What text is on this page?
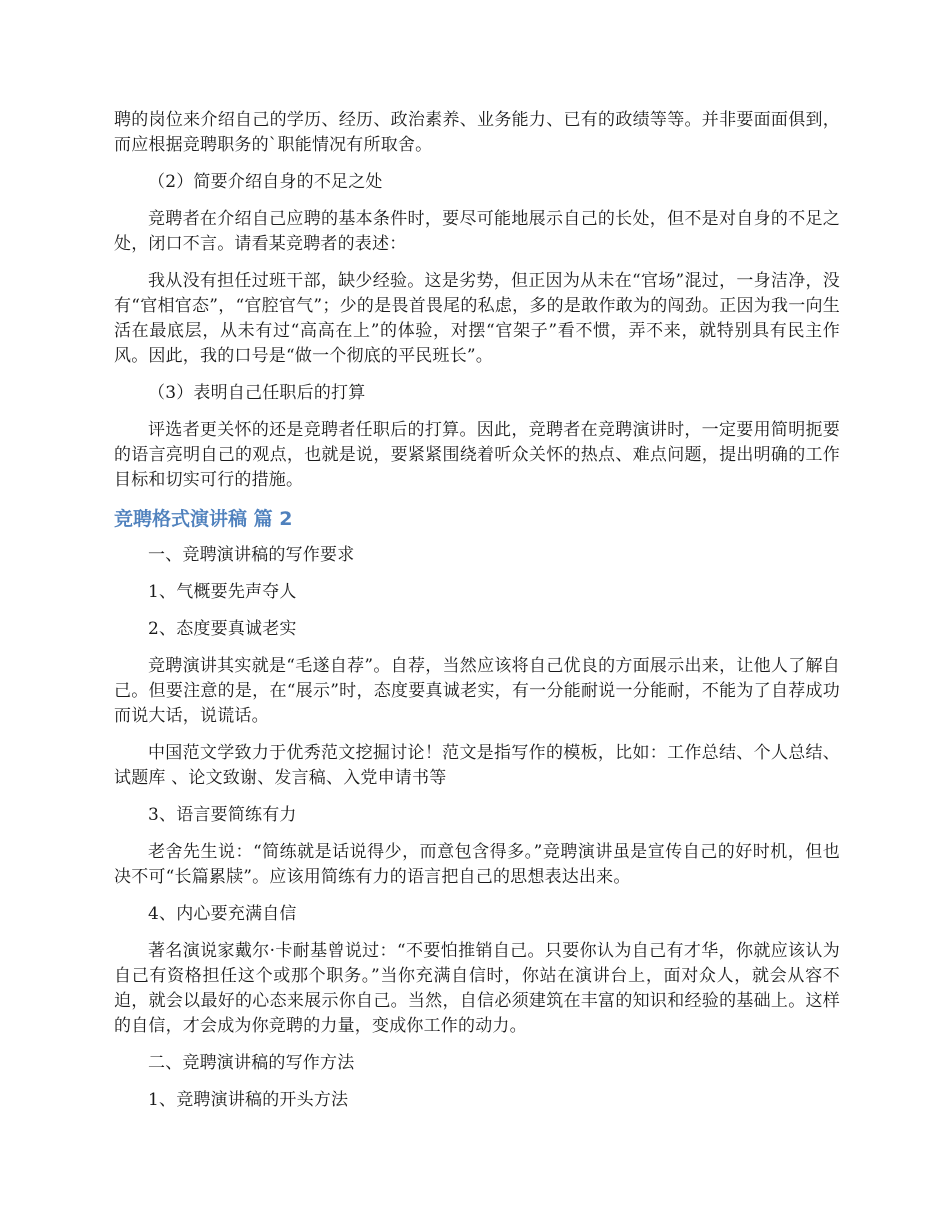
聘的岗位来介绍自己的学历、经历、政治素养、业务能力、已有的政绩等等。并非要面面俱到，而应根据竞聘职务的`职能情况有所取舍。

（2）简要介绍自身的不足之处

竞聘者在介绍自己应聘的基本条件时，要尽可能地展示自己的长处，但不是对自身的不足之处，闭口不言。请看某竞聘者的表述：

我从没有担任过班干部，缺少经验。这是劣势，但正因为从未在“官场”混过，一身洁净，没有“官相官态”，“官腔官气”；少的是畏首畏尾的私虑，多的是敢作敢为的闯劲。正因为我一向生活在最底层，从未有过“高高在上”的体验，对摆“官架子”看不惯，弄不来，就特别具有民主作风。因此，我的口号是“做一个彻底的平民班长”。

（3）表明自己任职后的打算

评选者更关怀的还是竞聘者任职后的打算。因此，竞聘者在竞聘演讲时，一定要用简明扼要的语言亮明自己的观点，也就是说，要紧紧围绕着听众关怀的热点、难点问题，提出明确的工作目标和切实可行的措施。

竞聘格式演讲稿 篇 2

一、竞聘演讲稿的写作要求

1、气概要先声夺人

2、态度要真诚老实

竞聘演讲其实就是“毛遂自荐”。自荐，当然应该将自己优良的方面展示出来，让他人了解自己。但要注意的是，在“展示”时，态度要真诚老实，有一分能耐说一分能耐，不能为了自荐成功而说大话，说谎话。

中国范文学致力于优秀范文挖掘讨论！范文是指写作的模板，比如：工作总结、个人总结、试题库 、论文致谢、发言稿、入党申请书等

3、语言要简练有力

老舍先生说：“简练就是话说得少，而意包含得多。”竞聘演讲虽是宣传自己的好时机，但也决不可“长篇累牍”。应该用简练有力的语言把自己的思想表达出来。

4、内心要充满自信

著名演说家戴尔·卡耐基曾说过：“不要怕推销自己。只要你认为自己有才华，你就应该认为自己有资格担任这个或那个职务。”当你充满自信时，你站在演讲台上，面对众人，就会从容不迫，就会以最好的心态来展示你自己。当然，自信必须建筑在丰富的知识和经验的基础上。这样的自信，才会成为你竞聘的力量，变成你工作的动力。

二、竞聘演讲稿的写作方法

1、竞聘演讲稿的开头方法
